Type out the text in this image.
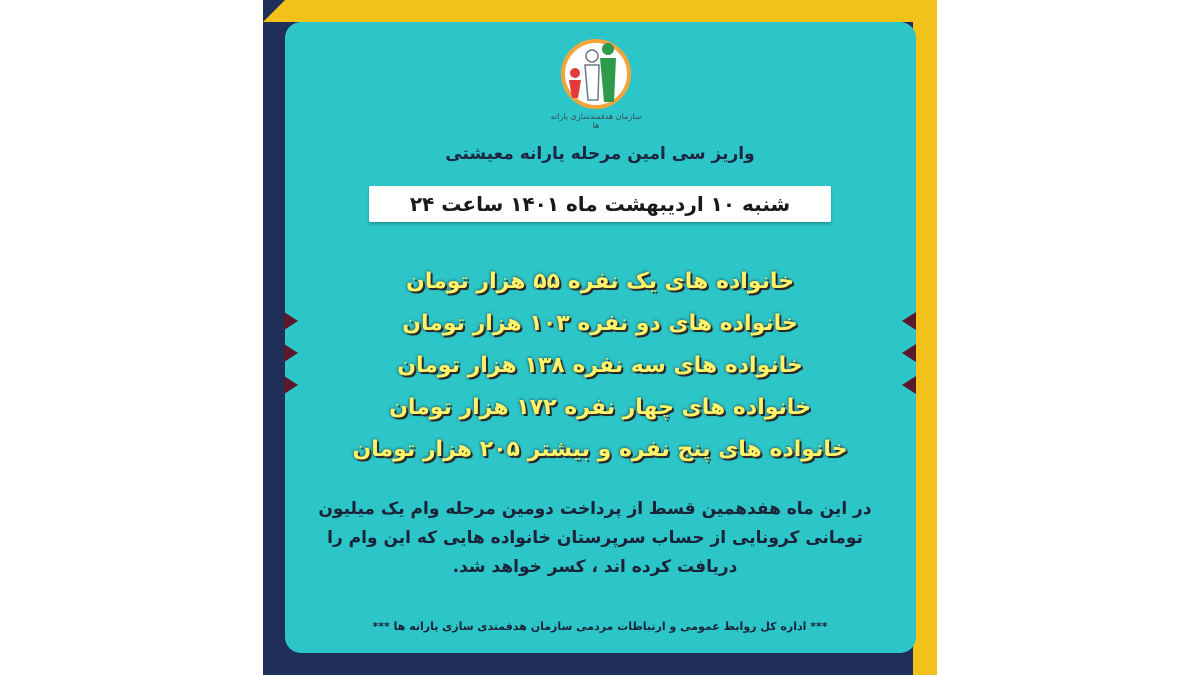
سازمان هدفمندسازی یارانه ها
واریز سی امین مرحله یارانه معیشتی
شنبه ۱۰ اردیبهشت ماه ۱۴۰۱ ساعت ۲۴
خانواده های یک نفره ۵۵ هزار تومان
خانواده های دو نفره ۱۰۳ هزار تومان
خانواده های سه نفره ۱۳۸ هزار تومان
خانواده های چهار نفره ۱۷۲ هزار تومان
خانواده های پنج نفره و بیشتر ۲۰۵ هزار تومان
در این ماه هفدهمین قسط از پرداخت دومین مرحله وام یک میلیون تومانی کرونایی از حساب سرپرستان خانواده هایی که این وام را دریافت کرده اند ، کسر خواهد شد.
*** اداره کل روابط عمومی و ارتباطات مردمی سازمان هدفمندی سازی یارانه ها ***
